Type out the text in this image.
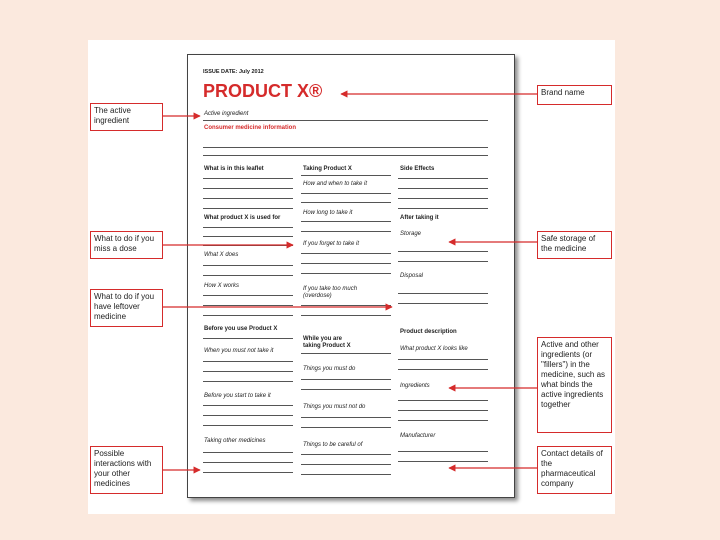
ISSUE DATE: July 2012
PRODUCT X®
Active ingredient
Consumer medicine information
What is in this leaflet
What product X is used for
What X does
How X works
Before you use Product X
When you must not take it
Before you start to take it
Taking other medicines
Taking Product X
How and when to take it
How long to take it
If you forget to take it
If you take too much
(overdose)
While you are
taking Product X
Things you must do
Things you must not do
Things to be careful of
Side Effects
After taking it
Storage
Disposal
Product description
What product X looks like
Ingredients
Manufacturer
The active ingredient
What to do if you miss a dose
What to do if you have leftover medicine
Possible interactions with your other medicines
Brand name
Safe storage of the medicine
Active and other ingredients (or "fillers") in the medicine, such as what binds the active ingredients together
Contact details of the pharmaceutical company
